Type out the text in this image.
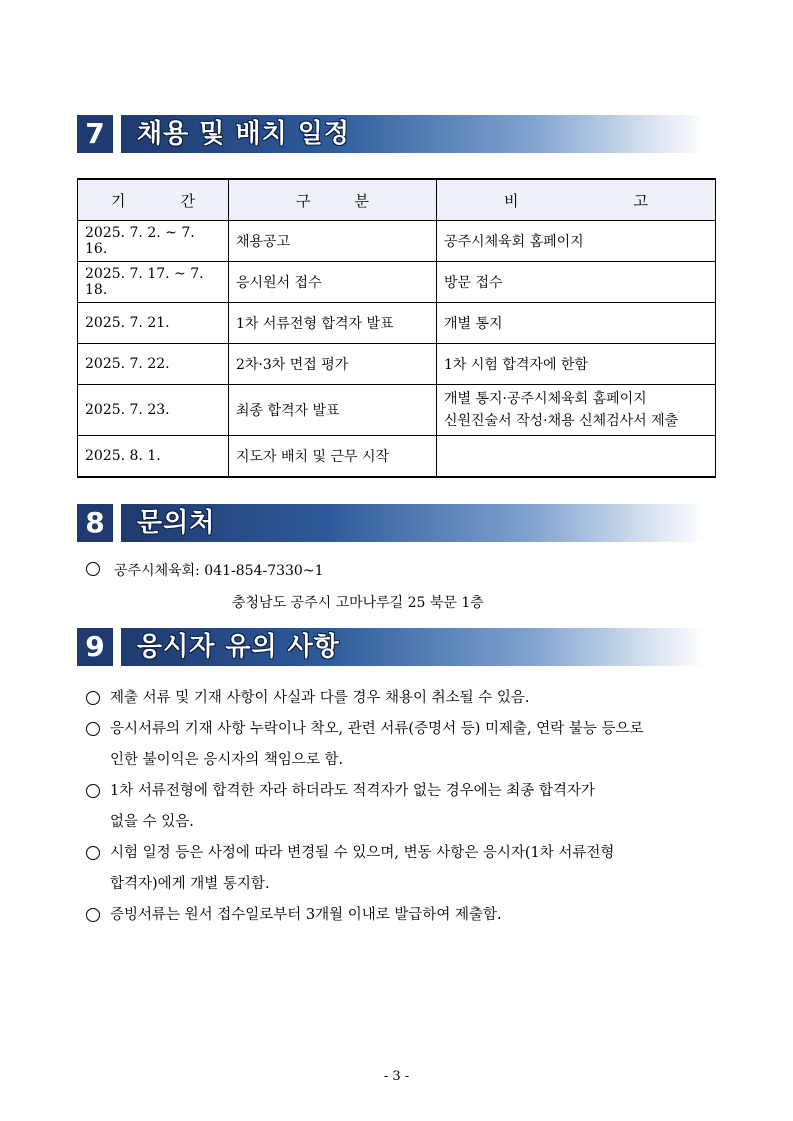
7	채용 및 배치 일정
기 간	구 분	비 고

2025. 7. 2. ~ 7. 16.	채용공고	공주시체육회 홈페이지
2025. 7. 17. ~ 7. 18.	응시원서 접수	방문 접수
2025. 7. 21.	1차 서류전형 합격자 발표	개별 통지
2025. 7. 22.	2차·3차 면접 평가	1차 시험 합격자에 한함
2025. 7. 23.	최종 합격자 발표	개별 통지·공주시체육회 홈페이지
신원진술서 작성·채용 신체검사서 제출

2025. 8. 1.	지도자 배치 및 근무 시작	
8	문의처
공주시체육회: 041-854-7330~1
충청남도 공주시 고마나루길 25 북문 1층
9	응시자 유의 사항
제출 서류 및 기재 사항이 사실과 다를 경우 채용이 취소될 수 있음.
응시서류의 기재 사항 누락이나 착오, 관련 서류(증명서 등) 미제출, 연락 불능 등으로
인한 불이익은 응시자의 책임으로 함.
1차 서류전형에 합격한 자라 하더라도 적격자가 없는 경우에는 최종 합격자가
없을 수 있음.
시험 일정 등은 사정에 따라 변경될 수 있으며, 변동 사항은 응시자(1차 서류전형
합격자)에게 개별 통지함.
증빙서류는 원서 접수일로부터 3개월 이내로 발급하여 제출함.
- 3 -
